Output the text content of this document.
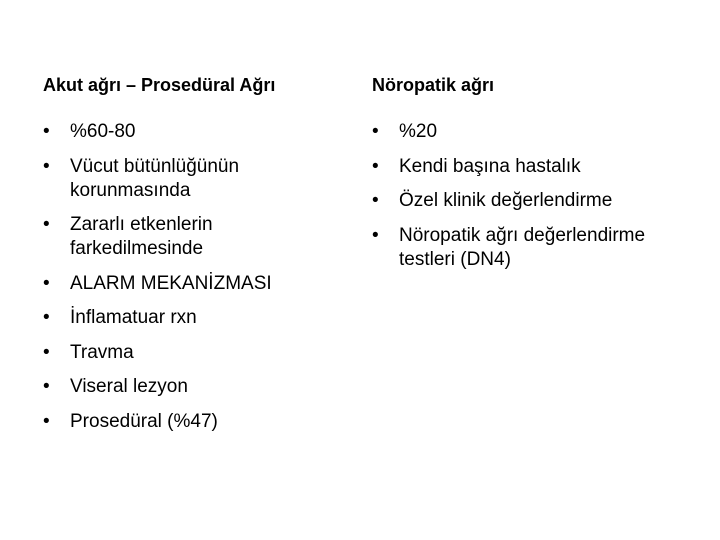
Akut ağrı – Prosedüral Ağrı
• %60-80
• Vücut bütünlüğünün korunmasında
• Zararlı etkenlerin farkedilmesinde
• ALARM MEKANİZMASI
• İnflamatuar rxn
• Travma
• Viseral lezyon
• Prosedüral (%47)
Nöropatik ağrı
• %20
• Kendi başına hastalık
• Özel klinik değerlendirme
• Nöropatik ağrı değerlendirme testleri (DN4)
